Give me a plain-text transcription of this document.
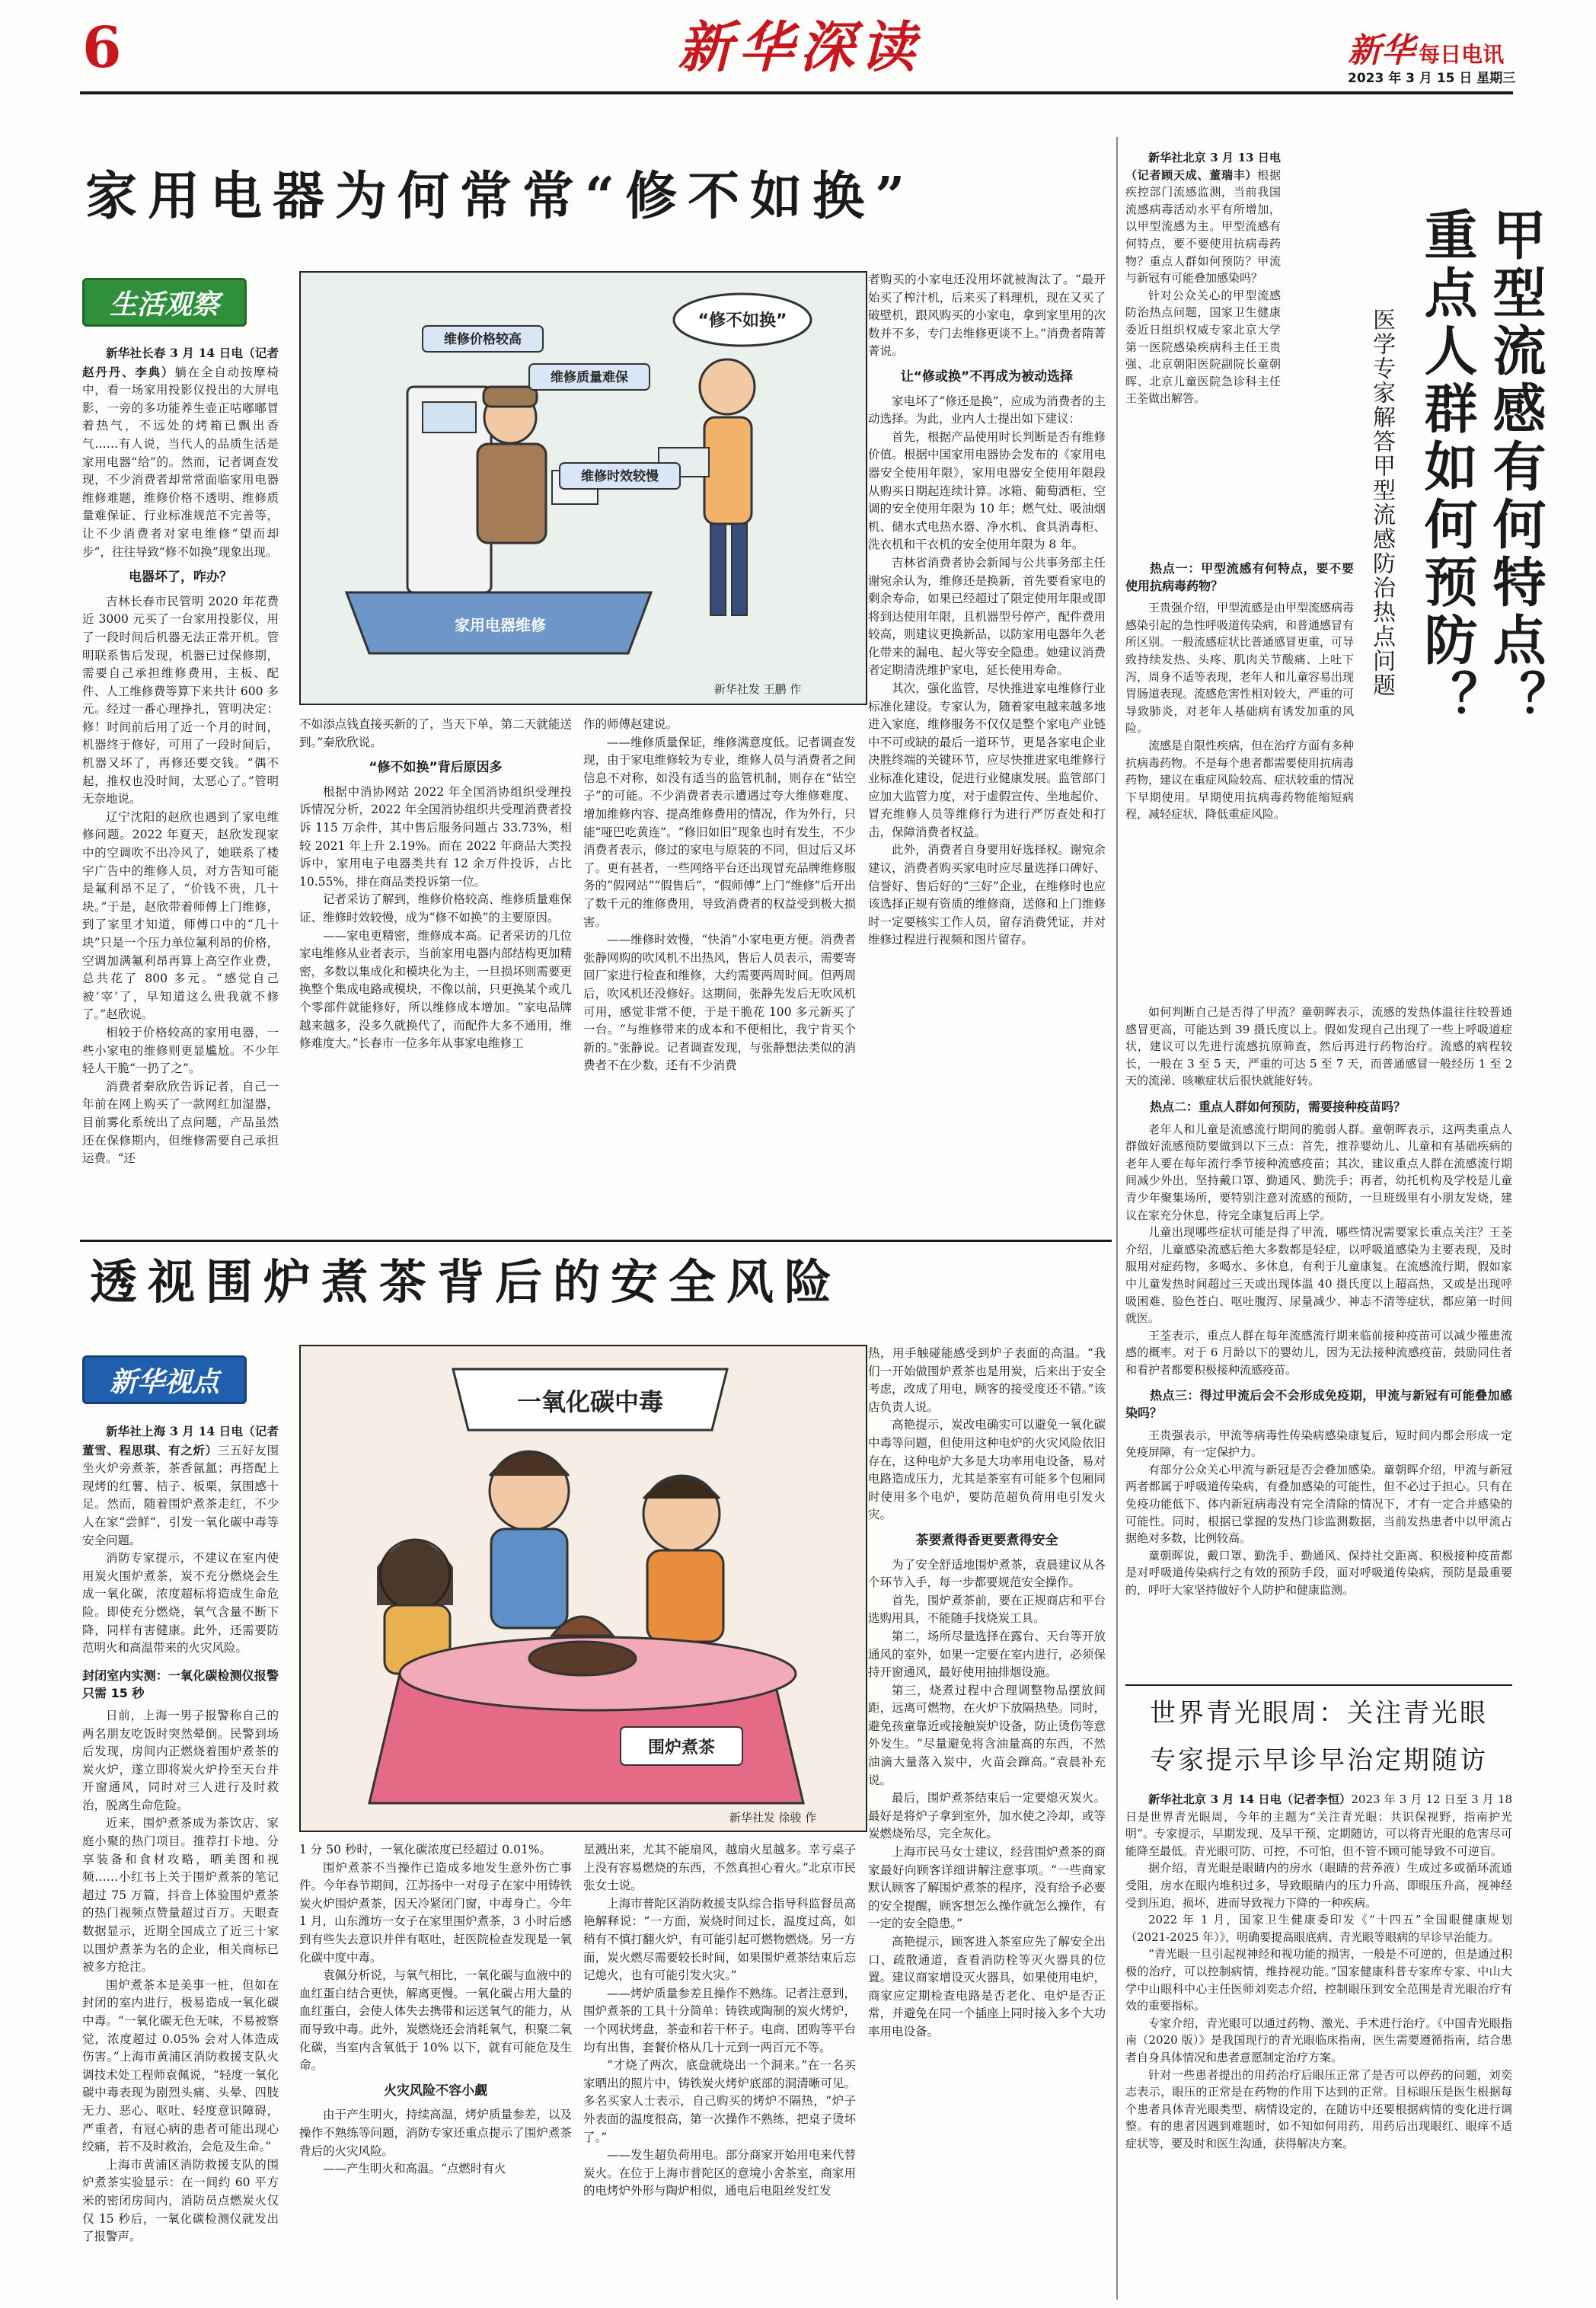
6	新华深读	新华 每日电讯
2023 年 3 月 15 日 星期三
家用电器为何常常“修不如换”
生活观察

新华社长春 3 月 14 日电（记者赵丹丹、李典）躺在全自动按摩椅中，看一场家用投影仪投出的大屏电影，一旁的多功能养生壶正咕嘟嘟冒着热气，不远处的烤箱已飘出香气……有人说，当代人的品质生活是家用电器“给”的。然而，记者调查发现，不少消费者却常常面临家用电器维修难题，维修价格不透明、维修质量难保证、行业标准规范不完善等，让不少消费者对家电维修“望而却步”，往往导致“修不如换”现象出现。

电器坏了，咋办？

吉林长春市民管明 2020 年花费近 3000 元买了一台家用投影仪，用了一段时间后机器无法正常开机。管明联系售后发现，机器已过保修期，需要自己承担维修费用，主板、配件、人工维修费等算下来共计 600 多元。经过一番心理挣扎，管明决定：修！时间前后用了近一个月的时间，机器终于修好，可用了一段时间后，机器又坏了，再修还要交钱。“偶不起，推权也没时间，太恶心了。”管明无奈地说。

辽宁沈阳的赵欣也遇到了家电维修问题。2022 年夏天，赵欣发现家中的空调吹不出冷风了，她联系了楼宇广告中的维修人员，对方告知可能是氟利昂不足了，“价钱不贵，几十块。”于是，赵欣带着师傅上门维修，到了家里才知道，师傅口中的“几十块”只是一个压力单位氟利昂的价格，空调加满氟利昂再算上高空作业费，总共花了 800 多元。“感觉自己被‘宰’了，早知道这么贵我就不修了。”赵欣说。

相较于价格较高的家用电器，一些小家电的维修则更显尴尬。不少年轻人干脆“一扔了之”。

消费者秦欣欣告诉记者，自己一年前在网上购买了一款网红加湿器，目前雾化系统出了点问题，产品虽然还在保修期内，但维修需要自己承担运费。“还

维修价格较高
维修质量难保
维修时效较慢
“修不如换”
家用电器维修
新华社发 王鹏 作

不如添点钱直接买新的了，当天下单，第二天就能送到。”秦欣欣说。

“修不如换”背后原因多

根据中消协网站 2022 年全国消协组织受理投诉情况分析，2022 年全国消协组织共受理消费者投诉 115 万余件，其中售后服务问题占 33.73%，相较 2021 年上升 2.19%。而在 2022 年商品大类投诉中，家用电子电器类共有 12 余万件投诉，占比 10.55%，排在商品类投诉第一位。

记者采访了解到，维修价格较高、维修质量难保证、维修时效较慢，成为“修不如换”的主要原因。

——家电更精密，维修成本高。记者采访的几位家电维修从业者表示，当前家用电器内部结构更加精密，多数以集成化和模块化为主，一旦损坏则需要更换整个集成电路或模块，不像以前，只更换某个或几个零部件就能修好，所以维修成本增加。“家电品牌越来越多，没多久就换代了，而配件大多不通用，维修难度大。”长春市一位多年从事家电维修工

作的师傅赵建说。

——维修质量保证，维修满意度低。记者调查发现，由于家电维修较为专业，维修人员与消费者之间信息不对称，如没有适当的监管机制，则存在“钻空子”的可能。不少消费者表示遭遇过夸大维修难度、增加维修内容、提高维修费用的情况，作为外行，只能“哑巴吃黄连”。“修旧如旧”现象也时有发生，不少消费者表示，修过的家电与原装的不同，但过后又坏了。更有甚者，一些网络平台还出现冒充品牌维修服务的“假网站”“假售后”，“假师傅”上门“维修”后开出了数千元的维修费用，导致消费者的权益受到极大损害。

——维修时效慢，“快消”小家电更方便。消费者张静网购的吹风机不出热风，售后人员表示，需要寄回厂家进行检查和维修，大约需要两周时间。但两周后，吹风机还没修好。这期间，张静先发后无吹风机可用，感觉非常不便，于是干脆花 100 多元新买了一台。“与维修带来的成本和不便相比，我宁肯买个新的。”张静说。记者调查发现，与张静想法类似的消费者不在少数，还有不少消费

者购买的小家电还没用坏就被淘汰了。“最开始买了榨汁机，后来买了料理机，现在又买了破壁机，跟风购买的小家电，拿到家里用的次数并不多，专门去维修更谈不上。”消费者隋菁菁说。

让“修或换”不再成为被动选择

家电坏了“修还是换”，应成为消费者的主动选择。为此，业内人士提出如下建议：

首先，根据产品使用时长判断是否有维修价值。根据中国家用电器协会发布的《家用电器安全使用年限》，家用电器安全使用年限段从购买日期起连续计算。冰箱、葡萄酒柜、空调的安全使用年限为 10 年；燃气灶、吸油烟机、储水式电热水器、净水机、食具消毒柜、洗衣机和干衣机的安全使用年限为 8 年。

吉林省消费者协会新闻与公共事务部主任谢宛余认为，维修还是换新，首先要看家电的剩余寿命，如果已经超过了限定使用年限或即将到达使用年限，且机器型号停产，配件费用较高，则建议更换新品，以防家用电器年久老化带来的漏电、起火等安全隐患。她建议消费者定期清洗维护家电，延长使用寿命。

其次，强化监管，尽快推进家电维修行业标准化建设。专家认为，随着家电越来越多地进入家庭，维修服务不仅仅是整个家电产业链中不可或缺的最后一道环节，更是各家电企业决胜终端的关键环节，应尽快推进家电维修行业标准化建设，促进行业健康发展。监管部门应加大监管力度，对于虚假宣传、坐地起价、冒充维修人员等维修行为进行严厉查处和打击，保障消费者权益。

此外，消费者自身要用好选择权。谢宛余建议，消费者购买家电时应尽量选择口碑好、信誉好、售后好的“三好”企业，在维修时也应该选择正规有资质的维修商，送修和上门维修时一定要核实工作人员，留存消费凭证，并对维修过程进行视频和图片留存。

透视围炉煮茶背后的安全风险
新华视点

新华社上海 3 月 14 日电（记者董雪、程思琪、有之炘）三五好友围坐火炉旁煮茶，茶香氤氲；再搭配上现烤的红薯、桔子、板栗，氛围感十足。然而，随着围炉煮茶走红，不少人在家“尝鲜”，引发一氧化碳中毒等安全问题。

消防专家提示，不建议在室内使用炭火围炉煮茶，炭不充分燃烧会生成一氧化碳，浓度超标将造成生命危险。即使充分燃烧，氧气含量不断下降，同样有害健康。此外，还需要防范明火和高温带来的火灾风险。

封闭室内实测：一氧化碳检测仪报警只需 15 秒

日前，上海一男子报警称自己的两名朋友吃饭时突然晕倒。民警到场后发现，房间内正燃烧着围炉煮茶的炭火炉，遂立即将炭火炉拎至天台并开窗通风，同时对三人进行及时救治，脱离生命危险。

近来，围炉煮茶成为茶饮店、家庭小聚的热门项目。推荐打卡地、分享装备和食材攻略，晒美图和视频……小红书上关于围炉煮茶的笔记超过 75 万篇，抖音上体验围炉煮茶的热门视频点赞量超过百万。天眼查数据显示，近期全国成立了近三十家以围炉煮茶为名的企业，相关商标已被多方抢注。

围炉煮茶本是美事一桩，但如在封闭的室内进行，极易造成一氧化碳中毒。“一氧化碳无色无味，不易被察觉，浓度超过 0.05% 会对人体造成伤害。”上海市黄浦区消防救援支队火调技术处工程师袁佩说，“轻度一氧化碳中毒表现为剧烈头痛、头晕、四肢无力、恶心、呕吐、轻度意识障碍，严重者，有冠心病的患者可能出现心绞痛，若不及时救治，会危及生命。”

上海市黄浦区消防救援支队的围炉煮茶实验显示：在一间约 60 平方米的密闭房间内，消防员点燃炭火仅仅 15 秒后，一氧化碳检测仪就发出了报警声。

一氧化碳中毒
围炉煮茶
新华社发 徐骏 作

1 分 50 秒时，一氧化碳浓度已经超过 0.01%。

围炉煮茶不当操作已造成多地发生意外伤亡事件。今年春节期间，江苏扬中一对母子在家中用铸铁炭火炉围炉煮茶，因天冷紧闭门窗，中毒身亡。今年 1 月，山东潍坊一女子在家里围炉煮茶，3 小时后感到有些失去意识并伴有呕吐，赶医院检查发现是一氧化碳中度中毒。

袁佩分析说，与氧气相比，一氧化碳与血液中的血红蛋白结合更快，解离更慢。一氧化碳占用大量的血红蛋白，会使人体失去携带和运送氧气的能力，从而导致中毒。此外，炭燃烧还会消耗氧气，积聚二氧化碳，当室内含氧低于 10% 以下，就有可能危及生命。

火灾风险不容小觑

由于产生明火，持续高温，烤炉质量参差，以及操作不熟练等问题，消防专家还重点提示了围炉煮茶背后的火灾风险。

——产生明火和高温。“点燃时有火

星溅出来，尤其不能扇风，越扇火星越多。幸亏桌子上没有容易燃烧的东西，不然真担心着火。”北京市民张女士说。

上海市普陀区消防救援支队综合指导科监督员高艳解释说：“一方面，炭烧时间过长，温度过高，如稍有不慎打翻火炉，有可能引起可燃物燃烧。另一方面，炭火燃尽需要较长时间，如果围炉煮茶结束后忘记熄火，也有可能引发火灾。”

——烤炉质量参差且操作不熟练。记者注意到，围炉煮茶的工具十分简单：铸铁或陶制的炭火烤炉，一个网状烤盘，茶壶和若干杯子。电商、团购等平台均有出售，套餐价格从几十元到一两百元不等。

“才烧了两次，底盘就烧出一个洞来。”在一名买家晒出的照片中，铸铁炭火烤炉底部的洞清晰可见。多名买家人士表示，自己购买的烤炉不隔热，“炉子外表面的温度很高，第一次操作不熟练，把桌子烫坏了。”

——发生超负荷用电。部分商家开始用电来代替炭火。在位于上海市普陀区的意境小舍茶室，商家用的电烤炉外形与陶炉相似，通电后电阻丝发红发

热，用手触碰能感受到炉子表面的高温。“我们一开始做围炉煮茶也是用炭，后来出于安全考虑，改成了用电，顾客的接受度还不错。”该店负责人说。

高艳提示，炭改电确实可以避免一氧化碳中毒等问题，但使用这种电炉的火灾风险依旧存在，这种电炉大多是大功率用电设备，易对电路造成压力，尤其是茶室有可能多个包厢同时使用多个电炉，要防范超负荷用电引发火灾。

茶要煮得香更要煮得安全

为了安全舒适地围炉煮茶，袁晨建议从各个环节入手，每一步都要规范安全操作。

首先，围炉煮茶前，要在正规商店和平台选购用具，不能随手找烧炭工具。

第二，场所尽量选择在露台、天台等开放通风的室外，如果一定要在室内进行，必须保持开窗通风，最好使用抽排烟设施。

第三，烧煮过程中合理调整物品摆放间距，远离可燃物，在火炉下放隔热垫。同时，避免孩童靠近或接触炭炉设备，防止烫伤等意外发生。“尽量避免将含油量高的东西，不然油滴大量落入炭中，火苗会蹿高。”袁晨补充说。

最后，围炉煮茶结束后一定要熄灭炭火。最好是将炉子拿到室外，加水使之冷却，或等炭燃烧殆尽，完全灰化。

上海市民马女士建议，经营围炉煮茶的商家最好向顾客详细讲解注意事项。“一些商家默认顾客了解围炉煮茶的程序，没有给予必要的安全提醒，顾客想怎么操作就怎么操作，有一定的安全隐患。”

高艳提示，顾客进入茶室应先了解安全出口、疏散通道，查看消防栓等灭火器具的位置。建议商家增设灭火器具，如果使用电炉，商家应定期检查电路是否老化、电炉是否正常，并避免在同一个插座上同时接入多个大功率用电设备。

新华社北京 3 月 13 日电（记者顾天成、董瑞丰）根据疾控部门流感监测，当前我国流感病毒活动水平有所增加，以甲型流感为主。甲型流感有何特点，要不要使用抗病毒药物？重点人群如何预防？甲流与新冠有可能叠加感染吗？

针对公众关心的甲型流感防治热点问题，国家卫生健康委近日组织权威专家北京大学第一医院感染疾病科主任王贵强、北京朝阳医院副院长童朝晖、北京儿童医院急诊科主任王荃做出解答。	甲型流感有何特点？
重点人群如何预防？
医学专家解答甲型流感防治热点问题
热点一：甲型流感有何特点，要不要使用抗病毒药物？

王贵强介绍，甲型流感是由甲型流感病毒感染引起的急性呼吸道传染病，和普通感冒有所区别。一般流感症状比普通感冒更重，可导致持续发热、头疼、肌肉关节酸痛、上吐下泻，周身不适等表现，老年人和儿童容易出现胃肠道表现。流感危害性相对较大，严重的可导致肺炎，对老年人基础病有诱发加重的风险。

流感是自限性疾病，但在治疗方面有多种抗病毒药物。不是每个患者都需要使用抗病毒药物，建议在重症风险较高、症状较重的情况下早期使用。早期使用抗病毒药物能缩短病程，减轻症状，降低重症风险。

如何判断自己是否得了甲流？童朝晖表示，流感的发热体温往往较普通感冒更高，可能达到 39 摄氏度以上。假如发现自己出现了一些上呼吸道症状，建议可以先进行流感抗原筛查，然后再进行药物治疗。流感的病程较长，一般在 3 至 5 天，严重的可达 5 至 7 天，而普通感冒一般经历 1 至 2 天的流涕、咳嗽症状后很快就能好转。

热点二：重点人群如何预防，需要接种疫苗吗？

老年人和儿童是流感流行期间的脆弱人群。童朝晖表示，这两类重点人群做好流感预防要做到以下三点：首先，推荐婴幼儿、儿童和有基础疾病的老年人要在每年流行季节接种流感疫苗；其次，建议重点人群在流感流行期间减少外出，坚持戴口罩、勤通风、勤洗手；再者，幼托机构及学校是儿童青少年聚集场所，要特别注意对流感的预防，一旦班级里有小朋友发烧，建议在家充分休息，待完全康复后再上学。

儿童出现哪些症状可能是得了甲流，哪些情况需要家长重点关注？王荃介绍，儿童感染流感后绝大多数都是轻症，以呼吸道感染为主要表现，及时服用对症药物，多喝水、多休息，有利于儿童康复。在流感流行期，假如家中儿童发热时间超过三天或出现体温 40 摄氏度以上超高热，又或是出现呼吸困难、脸色苍白、呕吐腹泻、尿量减少、神志不清等症状，都应第一时间就医。

王荃表示，重点人群在每年流感流行期来临前接种疫苗可以减少罹患流感的概率。对于 6 月龄以下的婴幼儿，因为无法接种流感疫苗，鼓励同住者和看护者都要积极接种流感疫苗。

热点三：得过甲流后会不会形成免疫期，甲流与新冠有可能叠加感染吗？

王贵强表示，甲流等病毒性传染病感染康复后，短时间内都会形成一定免疫屏障，有一定保护力。

有部分公众关心甲流与新冠是否会叠加感染。童朝晖介绍，甲流与新冠两者都属于呼吸道传染病，有叠加感染的可能性，但不必过于担心。只有在免疫功能低下、体内新冠病毒没有完全清除的情况下，才有一定合并感染的可能性。同时，根据已掌握的发热门诊监测数据，当前发热患者中以甲流占据绝对多数，比例较高。

童朝晖说，戴口罩、勤洗手、勤通风、保持社交距离、积极接种疫苗都是对呼吸道传染病行之有效的预防手段，面对呼吸道传染病，预防是最重要的，呼吁大家坚持做好个人防护和健康监测。

世界青光眼周：关注青光眼
专家提示早诊早治定期随访

新华社北京 3 月 14 日电（记者李恒）2023 年 3 月 12 日至 3 月 18 日是世界青光眼周，今年的主题为“关注青光眼：共识保视野，指南护光明”。专家提示，早期发现、及早干预、定期随访，可以将青光眼的危害尽可能降至最低。青光眼可防、可控，不可怕，但不管不顾可能导致不可逆盲。

据介绍，青光眼是眼睛内的房水（眼睛的营养液）生成过多或循环流通受阻，房水在眼内堆积过多，导致眼睛内的压力升高，即眼压升高，视神经受到压迫，损坏，进而导致视力下降的一种疾病。

2022 年 1 月，国家卫生健康委印发《“十四五”全国眼健康规划（2021-2025 年）》，明确要提高眼底病、青光眼等眼病的早诊早治能力。

“青光眼一旦引起视神经和视功能的损害，一般是不可逆的，但是通过积极的治疗，可以控制病情，维持视功能。”国家健康科普专家库专家、中山大学中山眼科中心主任医师刘奕志介绍，控制眼压到安全范围是青光眼治疗有效的重要指标。

专家介绍，青光眼可以通过药物、激光、手术进行治疗。《中国青光眼指南（2020 版）》是我国现行的青光眼临床指南，医生需要遵循指南，结合患者自身具体情况和患者意愿制定治疗方案。

针对一些患者提出的用药治疗后眼压正常了是否可以停药的问题，刘奕志表示，眼压的正常是在药物的作用下达到的正常。目标眼压是医生根据每个患者具体青光眼类型、病情设定的，在随访中还要根据病情的变化进行调整。有的患者因遇到难题时，如不知如何用药，用药后出现眼红、眼痒不适症状等，要及时和医生沟通，获得解决方案。
